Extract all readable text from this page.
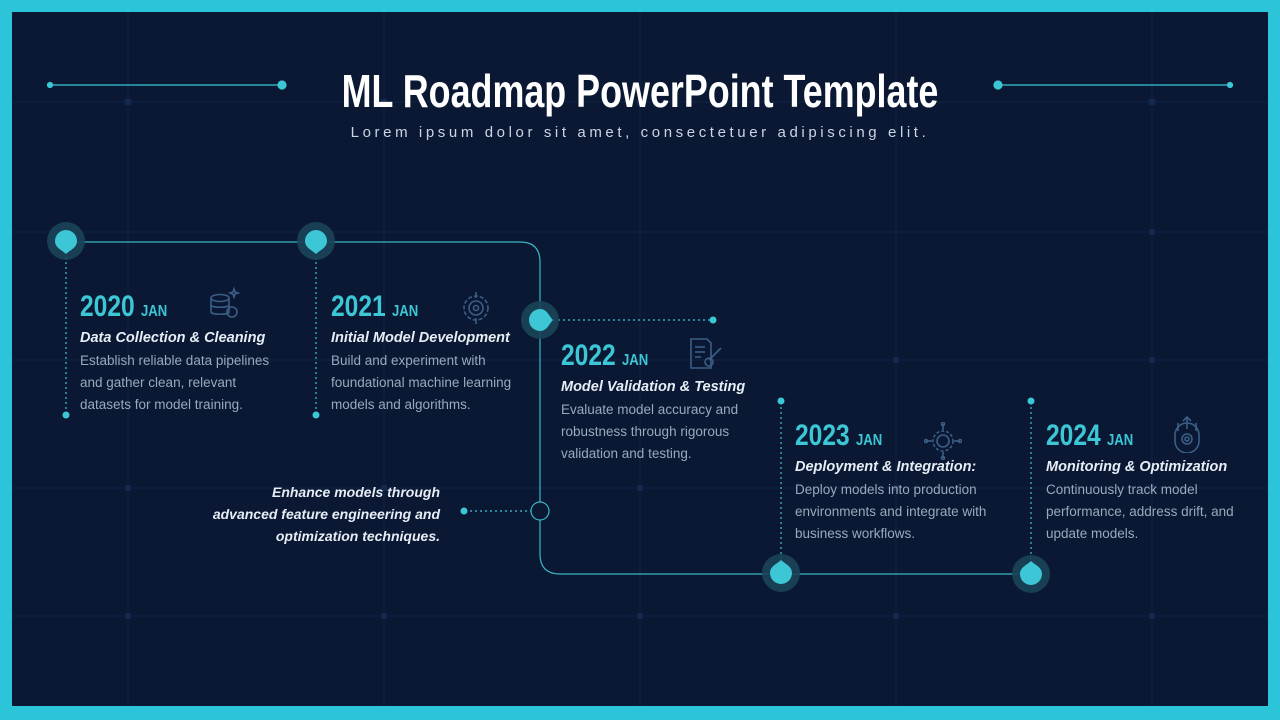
ML Roadmap PowerPoint Template
Lorem ipsum dolor sit amet, consectetuer adipiscing elit.
2020 JAN
Data Collection & Cleaning
Establish reliable data pipelines and gather clean, relevant datasets for model training.
2021 JAN
Initial Model Development
Build and experiment with foundational machine learning models and algorithms.
2022 JAN
Model Validation & Testing
Evaluate model accuracy and robustness through rigorous validation and testing.
2023 JAN
Deployment & Integration:
Deploy models into production environments and integrate with business workflows.
2024 JAN
Monitoring & Optimization
Continuously track model performance, address drift, and update models.
Enhance models through advanced feature engineering and optimization techniques.
